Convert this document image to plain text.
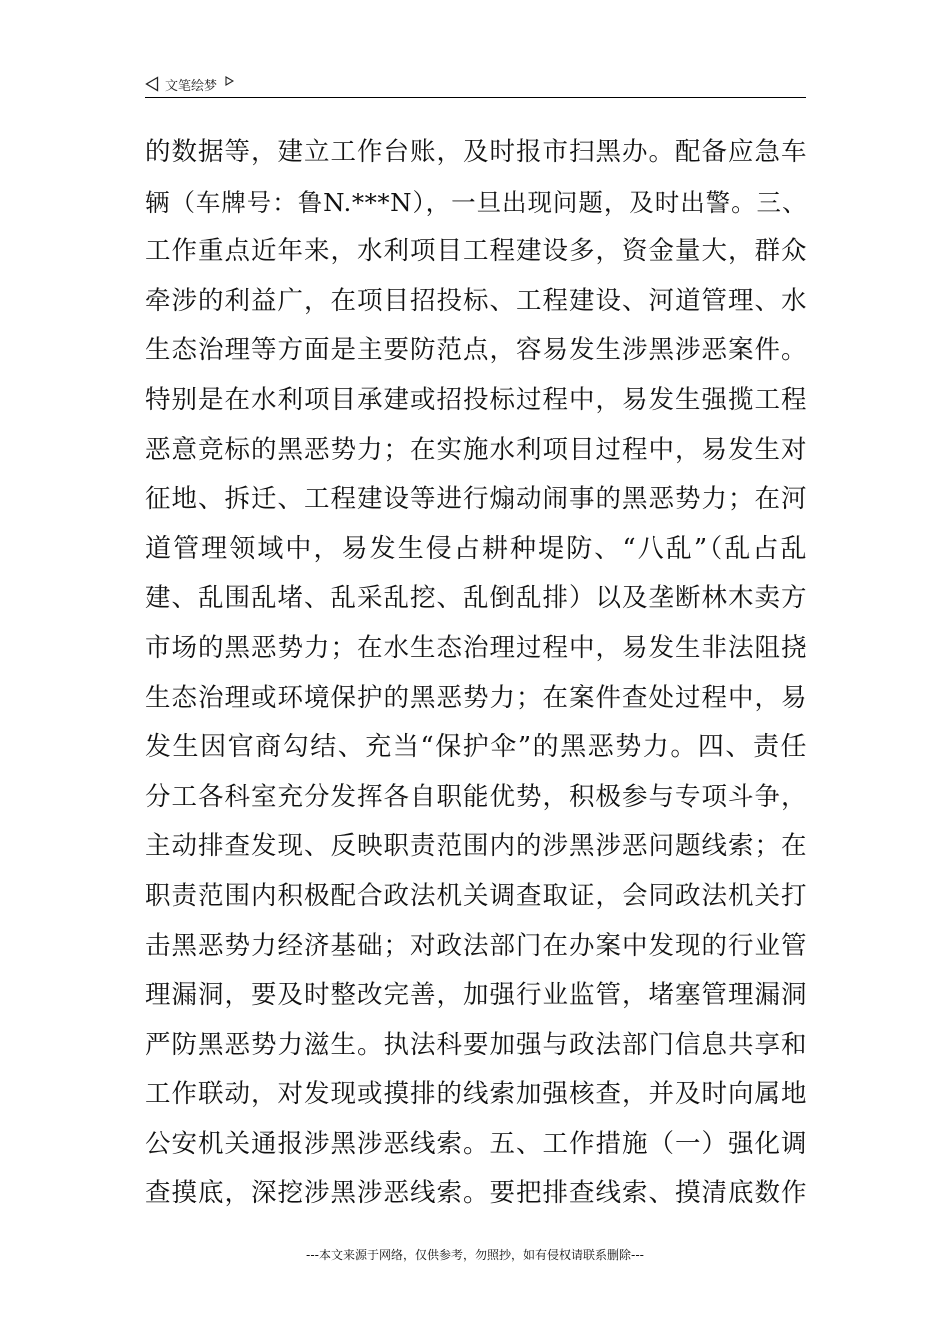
文笔绘梦
的数据等，建立工作台账，及时报市扫黑办。配备应急车
辆（车牌号：鲁N.***N），一旦出现问题，及时出警。三、
工作重点近年来，水利项目工程建设多，资金量大，群众
牵涉的利益广，在项目招投标、工程建设、河道管理、水
生态治理等方面是主要防范点，容易发生涉黑涉恶案件。
特别是在水利项目承建或招投标过程中，易发生强揽工程
恶意竞标的黑恶势力；在实施水利项目过程中，易发生对
征地、拆迁、工程建设等进行煽动闹事的黑恶势力；在河
道管理领域中，易发生侵占耕种堤防、“八乱”（乱占乱
建、乱围乱堵、乱采乱挖、乱倒乱排）以及垄断林木卖方
市场的黑恶势力；在水生态治理过程中，易发生非法阻挠
生态治理或环境保护的黑恶势力；在案件查处过程中，易
发生因官商勾结、充当“保护伞”的黑恶势力。四、责任
分工各科室充分发挥各自职能优势，积极参与专项斗争，
主动排查发现、反映职责范围内的涉黑涉恶问题线索；在
职责范围内积极配合政法机关调查取证，会同政法机关打
击黑恶势力经济基础；对政法部门在办案中发现的行业管
理漏洞，要及时整改完善，加强行业监管，堵塞管理漏洞
严防黑恶势力滋生。执法科要加强与政法部门信息共享和
工作联动，对发现或摸排的线索加强核查，并及时向属地
公安机关通报涉黑涉恶线索。五、工作措施（一）强化调
查摸底，深挖涉黑涉恶线索。要把排查线索、摸清底数作
---本文来源于网络，仅供参考，勿照抄，如有侵权请联系删除---
